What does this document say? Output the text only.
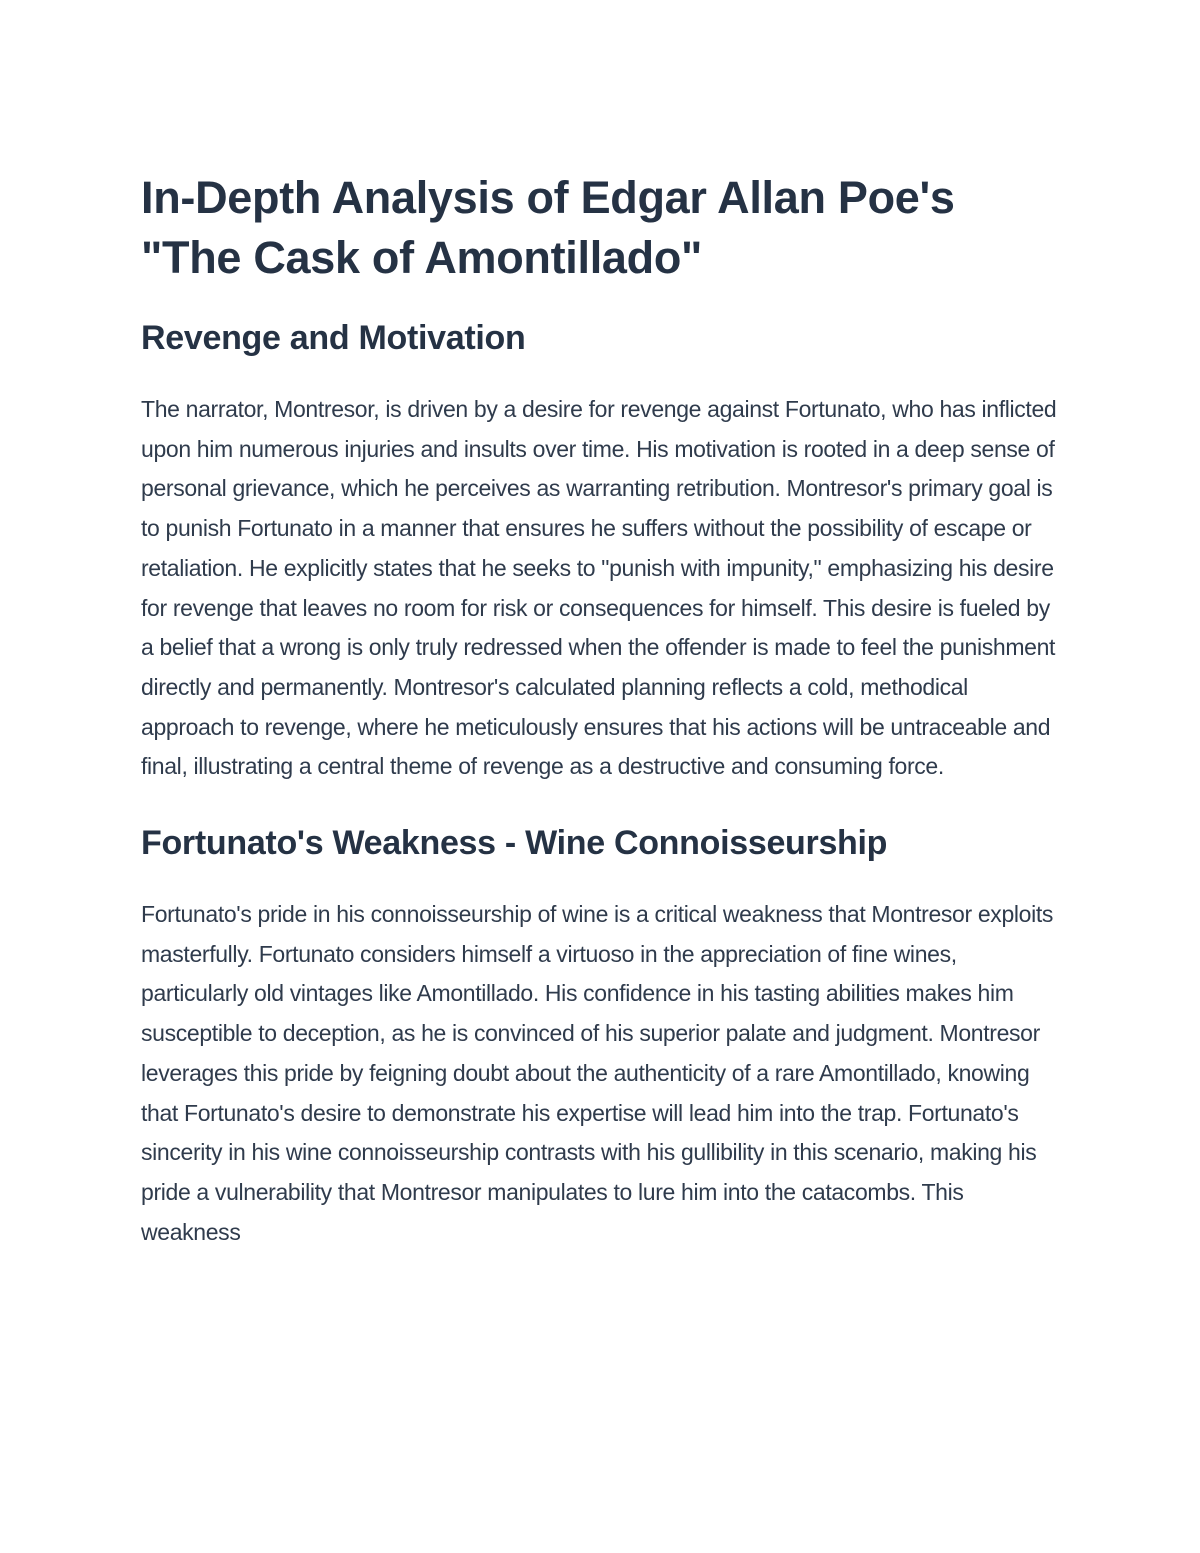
In-Depth Analysis of Edgar Allan Poe's "The Cask of Amontillado"
Revenge and Motivation

The narrator, Montresor, is driven by a desire for revenge against Fortunato, who has inflicted upon him numerous injuries and insults over time. His motivation is rooted in a deep sense of personal grievance, which he perceives as warranting retribution. Montresor's primary goal is to punish Fortunato in a manner that ensures he suffers without the possibility of escape or retaliation. He explicitly states that he seeks to "punish with impunity," emphasizing his desire for revenge that leaves no room for risk or consequences for himself. This desire is fueled by a belief that a wrong is only truly redressed when the offender is made to feel the punishment directly and permanently. Montresor's calculated planning reflects a cold, methodical approach to revenge, where he meticulously ensures that his actions will be untraceable and final, illustrating a central theme of revenge as a destructive and consuming force.

Fortunato's Weakness - Wine Connoisseurship

Fortunato's pride in his connoisseurship of wine is a critical weakness that Montresor exploits masterfully. Fortunato considers himself a virtuoso in the appreciation of fine wines, particularly old vintages like Amontillado. His confidence in his tasting abilities makes him susceptible to deception, as he is convinced of his superior palate and judgment. Montresor leverages this pride by feigning doubt about the authenticity of a rare Amontillado, knowing that Fortunato's desire to demonstrate his expertise will lead him into the trap. Fortunato's sincerity in his wine connoisseurship contrasts with his gullibility in this scenario, making his pride a vulnerability that Montresor manipulates to lure him into the catacombs. This weakness
